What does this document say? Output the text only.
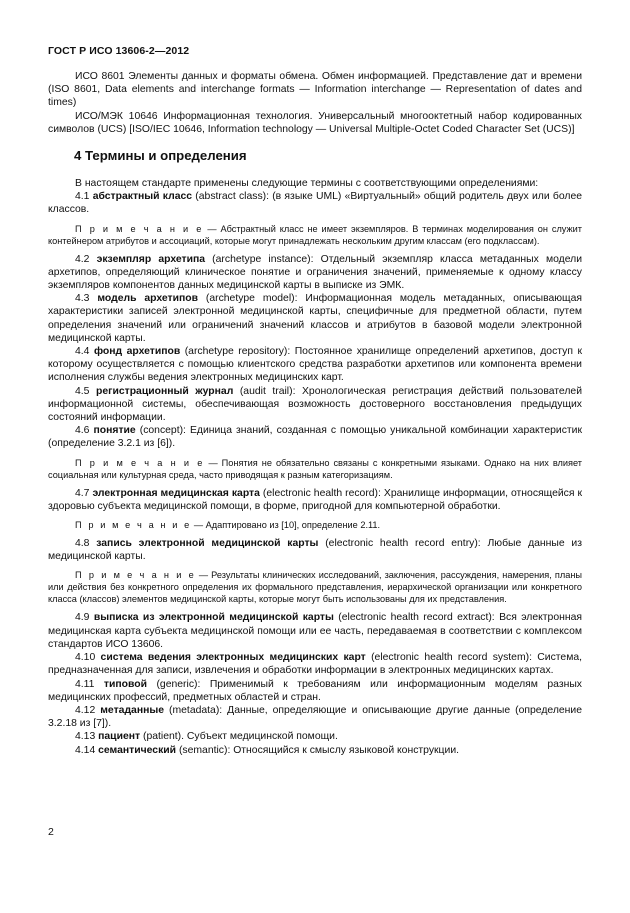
ГОСТ Р ИСО 13606-2—2012

ИСО 8601 Элементы данных и форматы обмена. Обмен информацией. Представление дат и времени (ISO 8601, Data elements and interchange formats — Information interchange — Representation of dates and times)

ИСО/МЭК 10646 Информационная технология. Универсальный многооктетный набор кодированных символов (UCS) [ISO/IEC 10646, Information technology — Universal Multiple-Octet Coded Character Set (UCS)]

4 Термины и определения

В настоящем стандарте применены следующие термины с соответствующими определениями:

4.1 абстрактный класс (abstract class): (в языке UML) «Виртуальный» общий родитель двух или более классов.

П р и м е ч а н и е — Абстрактный класс не имеет экземпляров. В терминах моделирования он служит контейнером атрибутов и ассоциаций, которые могут принадлежать нескольким другим классам (его подклассам).

4.2 экземпляр архетипа (archetype instance): Отдельный экземпляр класса метаданных модели архетипов, определяющий клиническое понятие и ограничения значений, применяемые к одному классу экземпляров компонентов данных медицинской карты в выписке из ЭМК.

4.3 модель архетипов (archetype model): Информационная модель метаданных, описывающая характеристики записей электронной медицинской карты, специфичные для предметной области, путем определения значений или ограничений значений классов и атрибутов в базовой модели электронной медицинской карты.

4.4 фонд архетипов (archetype repository): Постоянное хранилище определений архетипов, доступ к которому осуществляется с помощью клиентского средства разработки архетипов или компонента времени исполнения службы ведения электронных медицинских карт.

4.5 регистрационный журнал (audit trail): Хронологическая регистрация действий пользователей информационной системы, обеспечивающая возможность достоверного восстановления предыдущих состояний информации.

4.6 понятие (concept): Единица знаний, созданная с помощью уникальной комбинации характеристик (определение 3.2.1 из [6]).

П р и м е ч а н и е — Понятия не обязательно связаны с конкретными языками. Однако на них влияет социальная или культурная среда, часто приводящая к разным категоризациям.

4.7 электронная медицинская карта (electronic health record): Хранилище информации, относящейся к здоровью субъекта медицинской помощи, в форме, пригодной для компьютерной обработки.

П р и м е ч а н и е — Адаптировано из [10], определение 2.11.

4.8 запись электронной медицинской карты (electronic health record entry): Любые данные из медицинской карты.

П р и м е ч а н и е — Результаты клинических исследований, заключения, рассуждения, намерения, планы или действия без конкретного определения их формального представления, иерархической организации или конкретного класса (классов) элементов медицинской карты, которые могут быть использованы для их представления.

4.9 выписка из электронной медицинской карты (electronic health record extract): Вся электронная медицинская карта субъекта медицинской помощи или ее часть, передаваемая в соответствии с комплексом стандартов ИСО 13606.

4.10 система ведения электронных медицинских карт (electronic health record system): Система, предназначенная для записи, извлечения и обработки информации в электронных медицинских картах.

4.11 типовой (generic): Применимый к требованиям или информационным моделям разных медицинских профессий, предметных областей и стран.

4.12 метаданные (metadata): Данные, определяющие и описывающие другие данные (определение 3.2.18 из [7]).

4.13 пациент (patient). Субъект медицинской помощи.

4.14 семантический (semantic): Относящийся к смыслу языковой конструкции.

2
